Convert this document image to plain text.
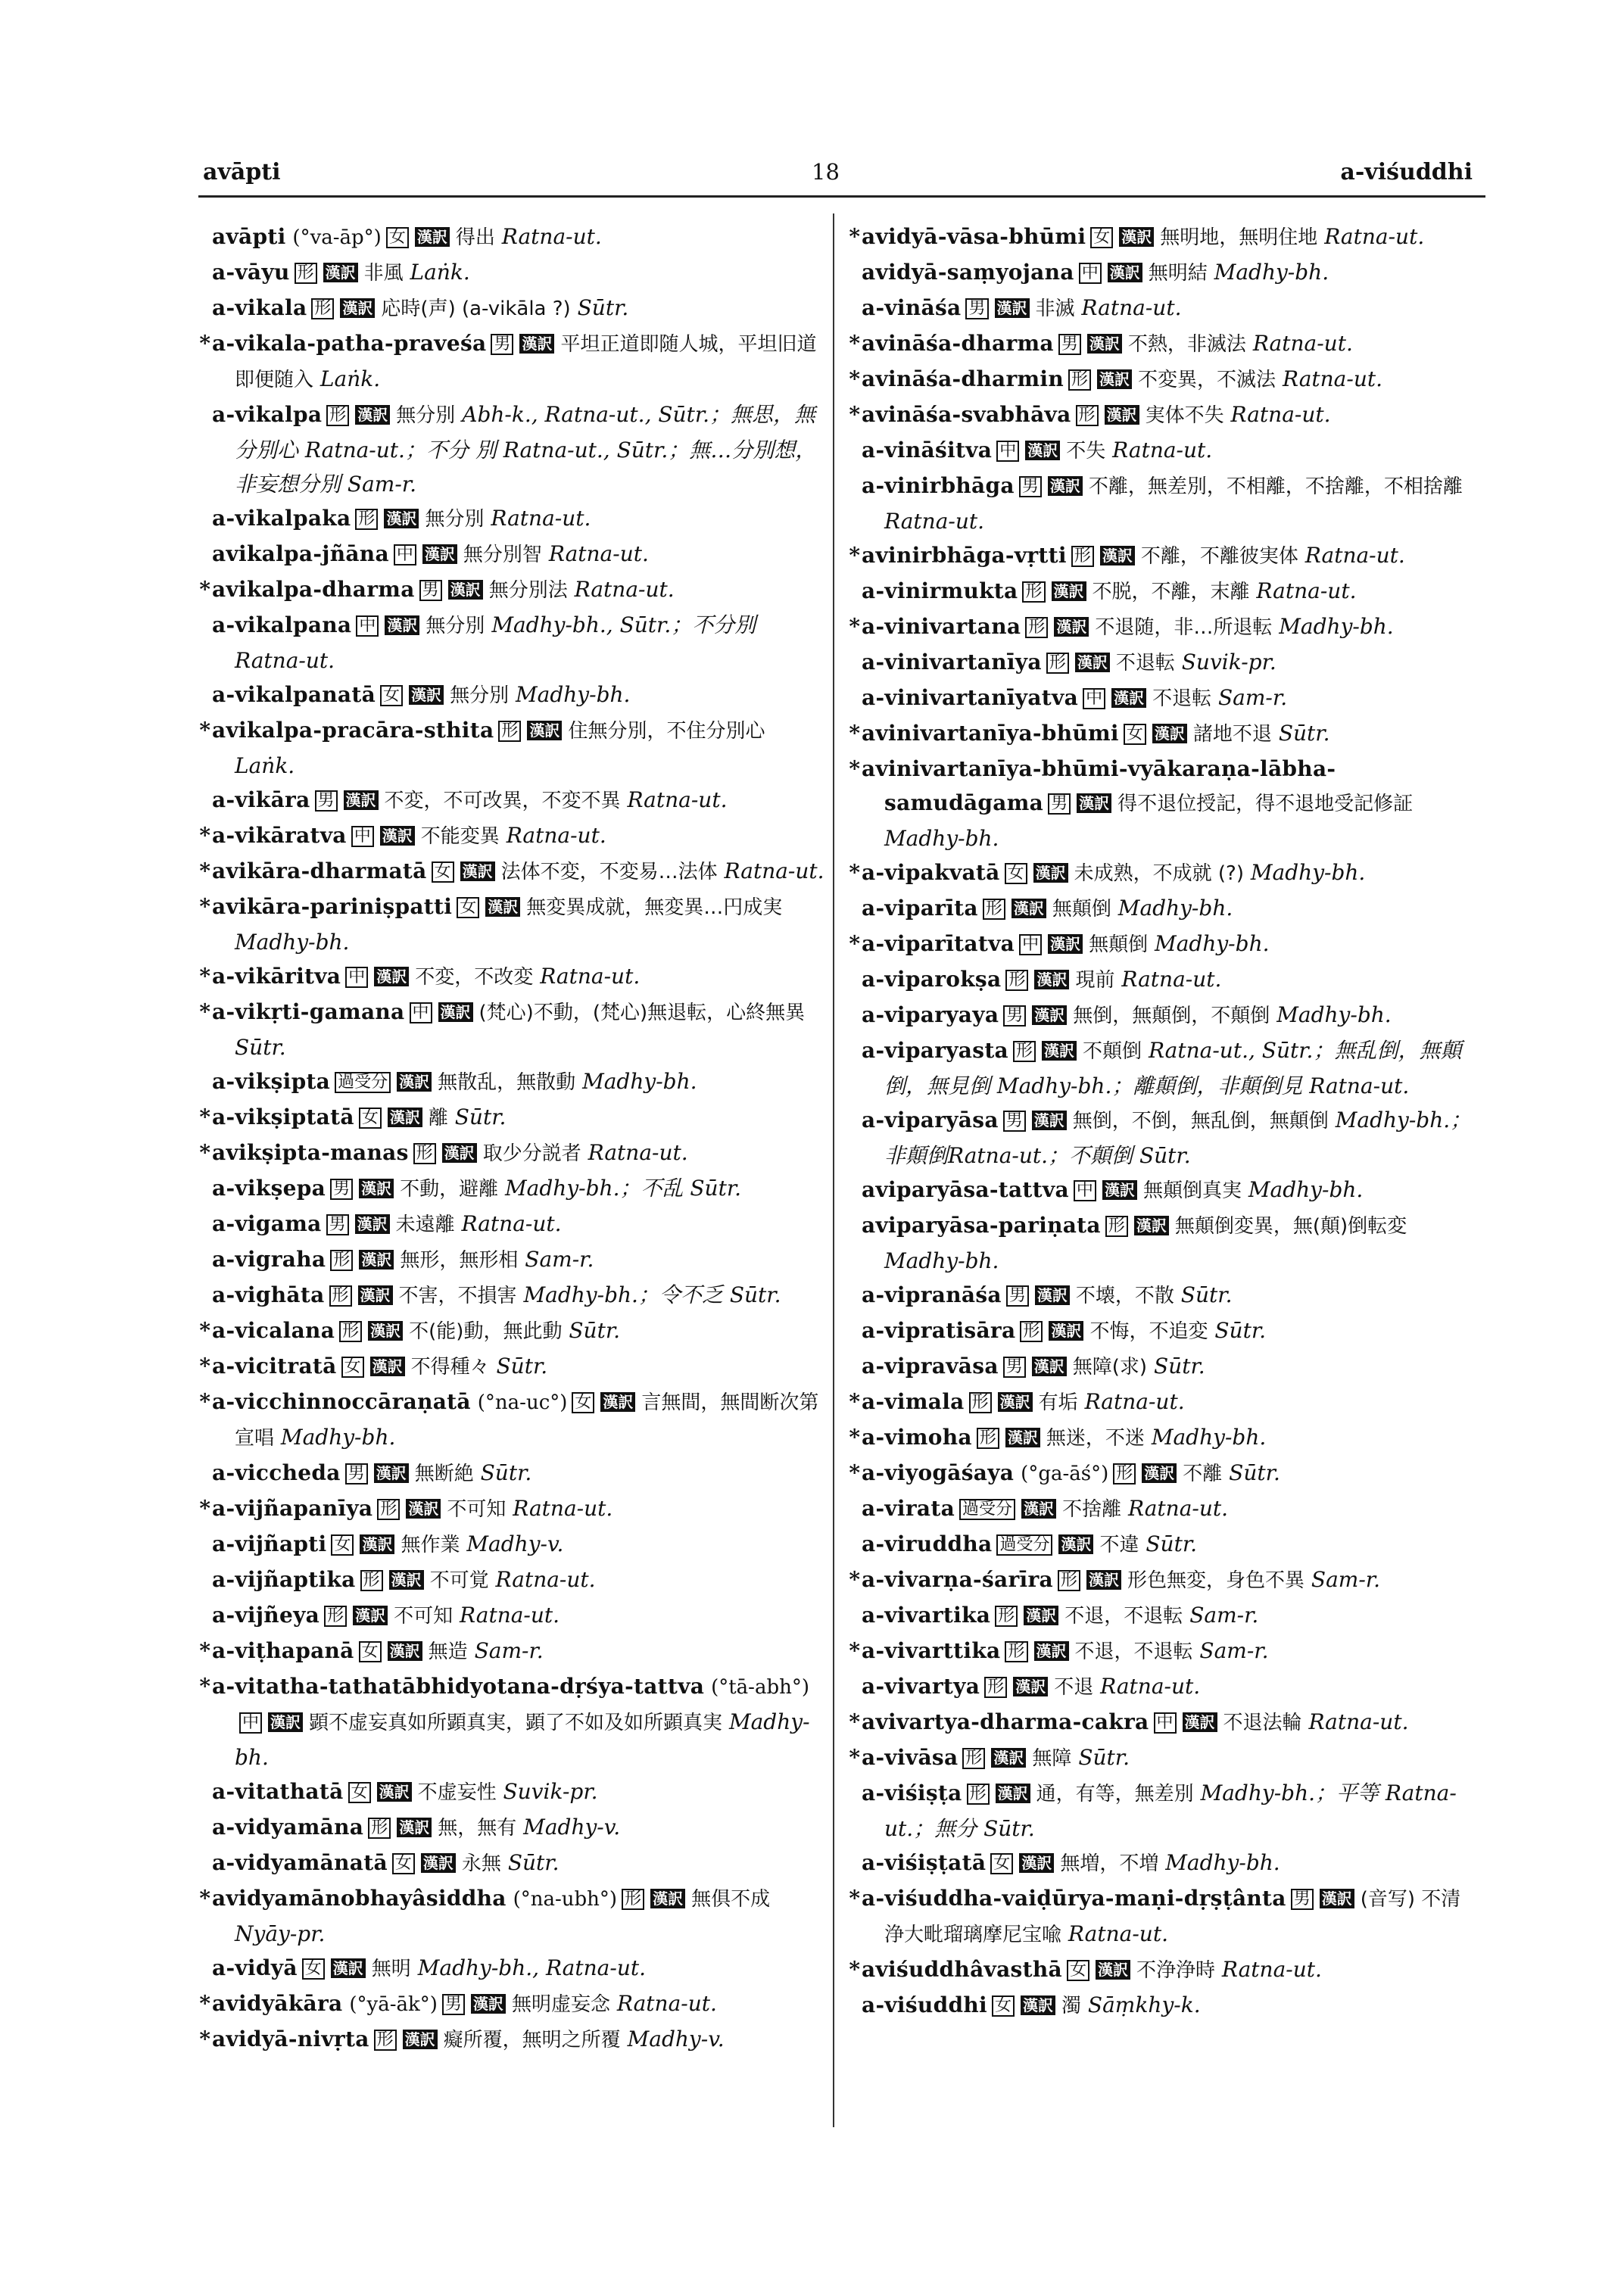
avāpti	18	a-viśuddhi
avāpti (°va-āp°) 女 漢訳 得出 Ratna-ut.
a-vāyu 形 漢訳 非風 Laṅk.
a-vikala 形 漢訳 応時(声) (a-vikāla ?) Sūtr.
*a-vikala-patha-praveśa 男 漢訳 平坦正道即随人城，平坦旧道即便随入 Laṅk.
a-vikalpa 形 漢訳 無分別 Abh-k., Ratna-ut., Sūtr.；無思，無分別心 Ratna-ut.；不分 別 Ratna-ut., Sūtr.；無…分別想，非妄想分別 Sam-r.
a-vikalpaka 形 漢訳 無分別 Ratna-ut.
avikalpa-jñāna 中 漢訳 無分別智 Ratna-ut.
*avikalpa-dharma 男 漢訳 無分別法 Ratna-ut.
a-vikalpana 中 漢訳 無分別 Madhy-bh., Sūtr.；不分別 Ratna-ut.
a-vikalpanatā 女 漢訳 無分別 Madhy-bh.
*avikalpa-pracāra-sthita 形 漢訳 住無分別，不住分別心 Laṅk.
a-vikāra 男 漢訳 不変，不可改異，不変不異 Ratna-ut.
*a-vikāratva 中 漢訳 不能変異 Ratna-ut.
*avikāra-dharmatā 女 漢訳 法体不変，不変易…法体 Ratna-ut.
*avikāra-pariniṣpatti 女 漢訳 無変異成就，無変異…円成実 Madhy-bh.
*a-vikāritva 中 漢訳 不変，不改変 Ratna-ut.
*a-vikṛti-gamana 中 漢訳 (梵心)不動，(梵心)無退転，心終無異 Sūtr.
a-vikṣipta 過受分 漢訳 無散乱，無散動 Madhy-bh.
*a-vikṣiptatā 女 漢訳 離 Sūtr.
*avikṣipta-manas 形 漢訳 取少分説者 Ratna-ut.
a-vikṣepa 男 漢訳 不動，避離 Madhy-bh.；不乱 Sūtr.
a-vigama 男 漢訳 未遠離 Ratna-ut.
a-vigraha 形 漢訳 無形，無形相 Sam-r.
a-vighāta 形 漢訳 不害，不損害 Madhy-bh.；令不乏 Sūtr.
*a-vicalana 形 漢訳 不(能)動，無此動 Sūtr.
*a-vicitratā 女 漢訳 不得種々 Sūtr.
*a-vicchinnoccāraṇatā (°na-uc°) 女 漢訳 言無間，無間断次第宣唱 Madhy-bh.
a-viccheda 男 漢訳 無断絶 Sūtr.
*a-vijñapanīya 形 漢訳 不可知 Ratna-ut.
a-vijñapti 女 漢訳 無作業 Madhy-v.
a-vijñaptika 形 漢訳 不可覚 Ratna-ut.
a-vijñeya 形 漢訳 不可知 Ratna-ut.
*a-viṭhapanā 女 漢訳 無造 Sam-r.
*a-vitatha-tathatābhidyotana-dṛśya-tattva (°tā-abh°)中 漢訳 顕不虚妄真如所顕真実，顕了不如及如所顕真実 Madhy-bh.
a-vitathatā 女 漢訳 不虚妄性 Suvik-pr.
a-vidyamāna 形 漢訳 無，無有 Madhy-v.
a-vidyamānatā 女 漢訳 永無 Sūtr.
*avidyamānobhayâsiddha (°na-ubh°) 形 漢訳 無俱不成 Nyāy-pr.
a-vidyā 女 漢訳 無明 Madhy-bh., Ratna-ut.
*avidyākāra (°yā-āk°) 男 漢訳 無明虚妄念 Ratna-ut.
*avidyā-nivṛta 形 漢訳 癡所覆，無明之所覆 Madhy-v.
*avidyā-vāsa-bhūmi 女 漢訳 無明地，無明住地 Ratna-ut.
avidyā-saṃyojana 中 漢訳 無明結 Madhy-bh.
a-vināśa 男 漢訳 非滅 Ratna-ut.
*avināśa-dharma 男 漢訳 不熱，非滅法 Ratna-ut.
*avināśa-dharmin 形 漢訳 不変異，不滅法 Ratna-ut.
*avināśa-svabhāva 形 漢訳 実体不失 Ratna-ut.
a-vināśitva 中 漢訳 不失 Ratna-ut.
a-vinirbhāga 男 漢訳 不離，無差別，不相離，不捨離，不相捨離 Ratna-ut.
*avinirbhāga-vṛtti 形 漢訳 不離，不離彼実体 Ratna-ut.
a-vinirmukta 形 漢訳 不脱，不離，末離 Ratna-ut.
*a-vinivartana 形 漢訳 不退随，非…所退転 Madhy-bh.
a-vinivartanīya 形 漢訳 不退転 Suvik-pr.
a-vinivartanīyatva 中 漢訳 不退転 Sam-r.
*avinivartanīya-bhūmi 女 漢訳 諸地不退 Sūtr.
*avinivartanīya-bhūmi-vyākaraṇa-lābha-samudāgama 男 漢訳 得不退位授記，得不退地受記修証 Madhy-bh.
*a-vipakvatā 女 漢訳 未成熟，不成就 (?) Madhy-bh.
a-viparīta 形 漢訳 無顛倒 Madhy-bh.
*a-viparītatva 中 漢訳 無顛倒 Madhy-bh.
a-viparokṣa 形 漢訳 現前 Ratna-ut.
a-viparyaya 男 漢訳 無倒，無顛倒，不顛倒 Madhy-bh.
a-viparyasta 形 漢訳 不顛倒 Ratna-ut., Sūtr.；無乱倒，無顛倒，無見倒 Madhy-bh.；離顛倒，非顛倒見 Ratna-ut.
a-viparyāsa 男 漢訳 無倒，不倒，無乱倒，無顛倒 Madhy-bh.；非顛倒Ratna-ut.；不顛倒 Sūtr.
aviparyāsa-tattva 中 漢訳 無顛倒真実 Madhy-bh.
aviparyāsa-pariṇata 形 漢訳 無顛倒変異，無(顛)倒転変 Madhy-bh.
a-vipranāśa 男 漢訳 不壊，不散 Sūtr.
a-vipratisāra 形 漢訳 不悔，不追変 Sūtr.
a-vipravāsa 男 漢訳 無障(求) Sūtr.
*a-vimala 形 漢訳 有垢 Ratna-ut.
*a-vimoha 形 漢訳 無迷，不迷 Madhy-bh.
*a-viyogāśaya (°ga-āś°) 形 漢訳 不離 Sūtr.
a-virata 過受分 漢訳 不捨離 Ratna-ut.
a-viruddha 過受分 漢訳 不違 Sūtr.
*a-vivarṇa-śarīra 形 漢訳 形色無変，身色不異 Sam-r.
a-vivartika 形 漢訳 不退，不退転 Sam-r.
*a-vivarttika 形 漢訳 不退，不退転 Sam-r.
a-vivartya 形 漢訳 不退 Ratna-ut.
*avivartya-dharma-cakra 中 漢訳 不退法輪 Ratna-ut.
*a-vivāsa 形 漢訳 無障 Sūtr.
a-viśiṣṭa 形 漢訳 通，有等，無差別 Madhy-bh.；平等 Ratna-ut.；無分 Sūtr.
a-viśiṣṭatā 女 漢訳 無増，不増 Madhy-bh.
*a-viśuddha-vaiḍūrya-maṇi-dṛṣṭânta 男 漢訳 (音写) 不清浄大毗瑠璃摩尼宝喩 Ratna-ut.
*aviśuddhâvasthā 女 漢訳 不浄浄時 Ratna-ut.
a-viśuddhi 女 漢訳 濁 Sāṃkhy-k.
